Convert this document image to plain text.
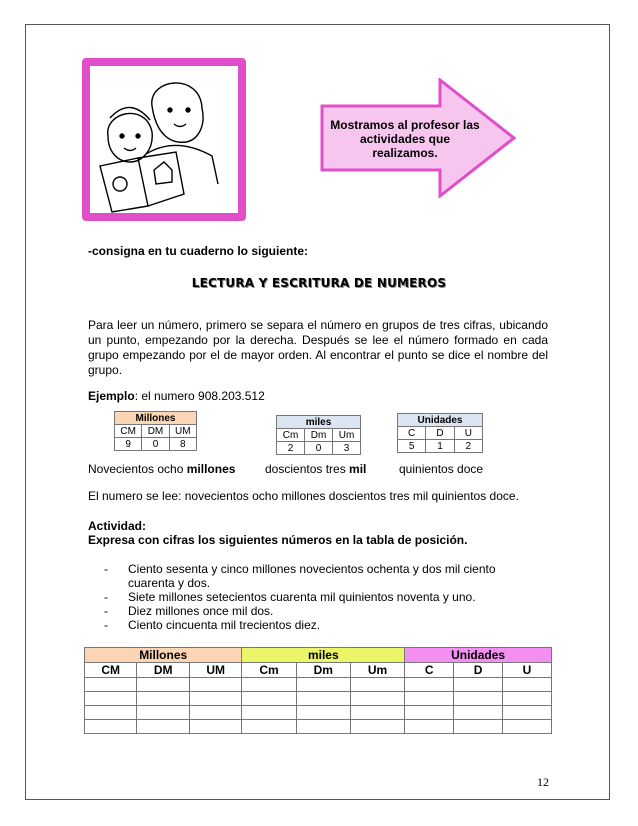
Mostramos al profesor las actividades que realizamos.
-consigna en tu cuaderno lo siguiente:
LECTURA Y ESCRITURA DE NUMEROS
Para leer un número, primero se separa el número en grupos de tres cifras, ubicando un punto, empezando por la derecha. Después se lee el número formado en cada grupo empezando por el de mayor orden. Al encontrar el punto se dice el nombre del grupo.
Ejemplo: el numero 908.203.512
Millones		
CM	DM	UM
9	0	8
miles		
Cm	Dm	Um
2	0	3
Unidades		
C	D	U
5	1	2
Novecientos ocho millones doscientos tres mil	quinientos doce
El numero se lee: novecientos ocho millones doscientos tres mil quinientos doce.
Actividad:
Expresa con cifras los siguientes números en la tabla de posición.
- Ciento sesenta y cinco millones novecientos ochenta y dos mil ciento cuarenta y dos.
- Siete millones setecientos cuarenta mil quinientos noventa y uno.
- Diez millones once mil dos.
- Ciento cincuenta mil trecientos diez.
Millones			miles			Unidades		
CM	DM	UM	Cm	Dm	Um	C	D	U

12
